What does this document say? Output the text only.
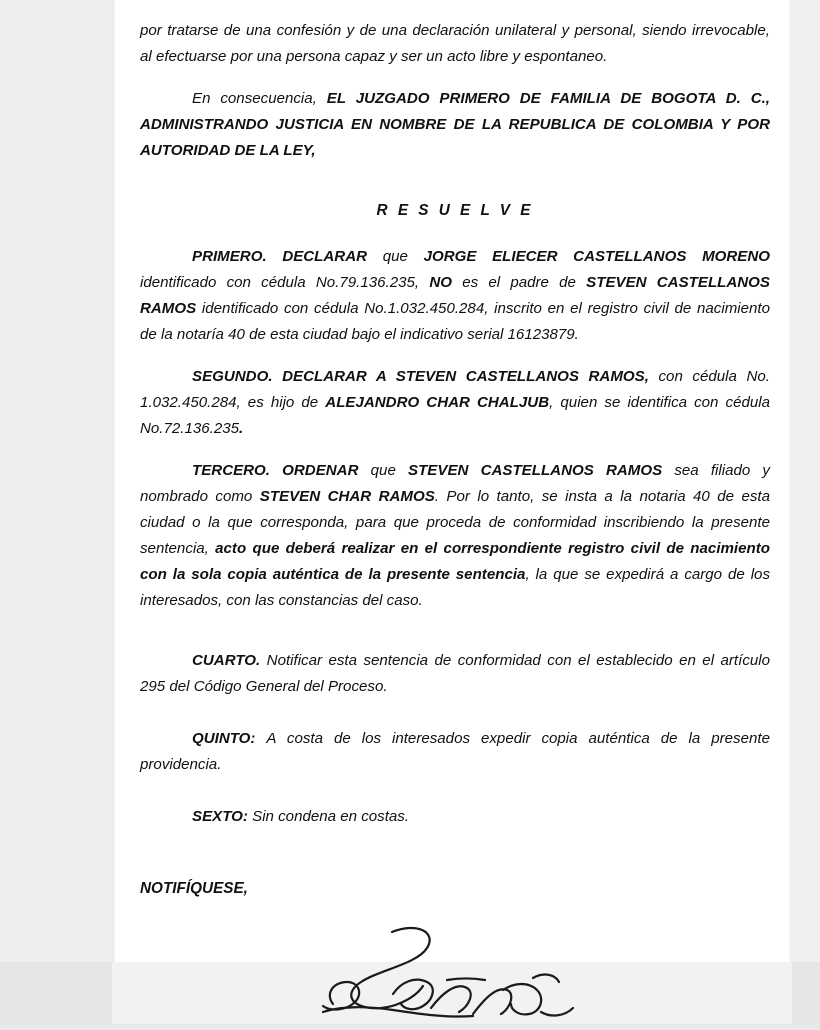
por tratarse de una confesión y de una declaración unilateral y personal, siendo irrevocable, al efectuarse por una persona capaz y ser un acto libre y espontaneo.
En consecuencia, EL JUZGADO PRIMERO DE FAMILIA DE BOGOTA D. C., ADMINISTRANDO JUSTICIA EN NOMBRE DE LA REPUBLICA DE COLOMBIA Y POR AUTORIDAD DE LA LEY,
R E S U E L V E
PRIMERO. DECLARAR que JORGE ELIECER CASTELLANOS MORENO identificado con cédula No.79.136.235, NO es el padre de STEVEN CASTELLANOS RAMOS identificado con cédula No.1.032.450.284, inscrito en el registro civil de nacimiento de la notaría 40 de esta ciudad bajo el indicativo serial 16123879.
SEGUNDO. DECLARAR A STEVEN CASTELLANOS RAMOS, con cédula No. 1.032.450.284, es hijo de ALEJANDRO CHAR CHALJUB, quien se identifica con cédula No.72.136.235.
TERCERO. ORDENAR que STEVEN CASTELLANOS RAMOS sea filiado y nombrado como STEVEN CHAR RAMOS. Por lo tanto, se insta a la notaria 40 de esta ciudad o la que corresponda, para que proceda de conformidad inscribiendo la presente sentencia, acto que deberá realizar en el correspondiente registro civil de nacimiento con la sola copia auténtica de la presente sentencia, la que se expedirá a cargo de los interesados, con las constancias del caso.
CUARTO. Notificar esta sentencia de conformidad con el establecido en el artículo 295 del Código General del Proceso.
QUINTO: A costa de los interesados expedir copia auténtica de la presente providencia.
SEXTO: Sin condena en costas.
NOTIFÍQUESE,
